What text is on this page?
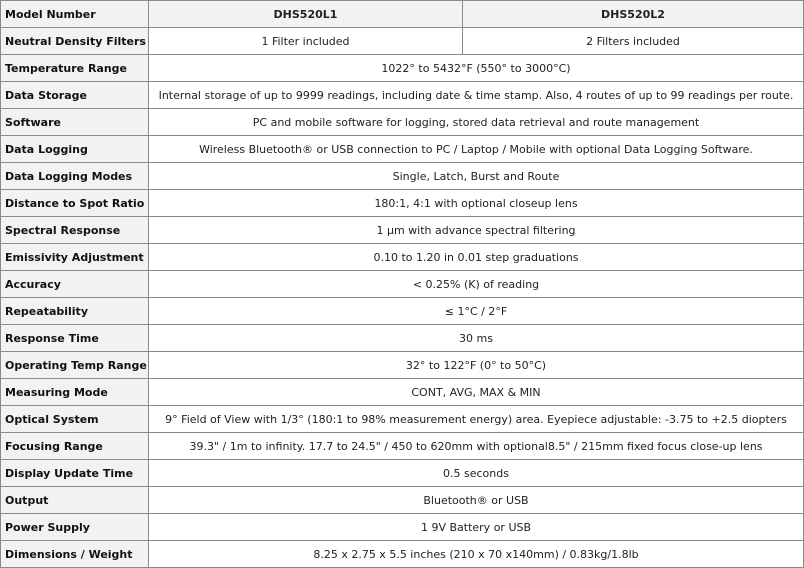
Model Number	DHS520L1	DHS520L2
Neutral Density Filters	1 Filter included	2 Filters included
Temperature Range	1022° to 5432°F (550° to 3000°C)	
Data Storage	Internal storage of up to 9999 readings, including date & time stamp. Also, 4 routes of up to 99 readings per route.	
Software	PC and mobile software for logging, stored data retrieval and route management	
Data Logging	Wireless Bluetooth® or USB connection to PC / Laptop / Mobile with optional Data Logging Software.	
Data Logging Modes	Single, Latch, Burst and Route	
Distance to Spot Ratio	180:1, 4:1 with optional closeup lens	
Spectral Response	1 µm with advance spectral filtering	
Emissivity Adjustment	0.10 to 1.20 in 0.01 step graduations	
Accuracy	< 0.25% (K) of reading	
Repeatability	≤ 1°C / 2°F	
Response Time	30 ms	
Operating Temp Range	32° to 122°F (0° to 50°C)	
Measuring Mode	CONT, AVG, MAX & MIN	
Optical System	9° Field of View with 1/3° (180:1 to 98% measurement energy) area. Eyepiece adjustable: -3.75 to +2.5 diopters	
Focusing Range	39.3" / 1m to infinity. 17.7 to 24.5" / 450 to 620mm with optional8.5" / 215mm fixed focus close-up lens	
Display Update Time	0.5 seconds	
Output	Bluetooth® or USB	
Power Supply	1 9V Battery or USB	
Dimensions / Weight	8.25 x 2.75 x 5.5 inches (210 x 70 x140mm) / 0.83kg/1.8lb	
